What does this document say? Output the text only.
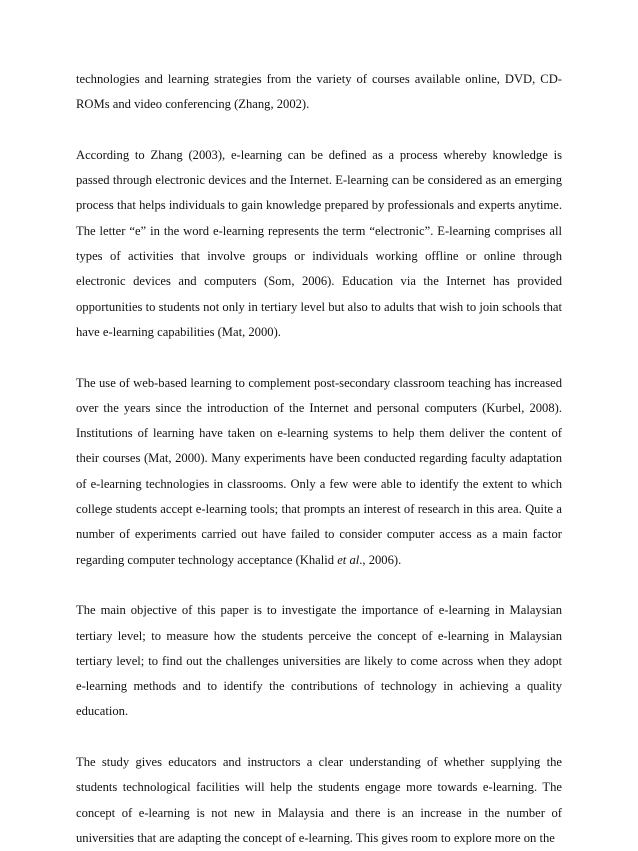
technologies and learning strategies from the variety of courses available online, DVD, CD-ROMs and video conferencing (Zhang, 2002).

According to Zhang (2003), e-learning can be defined as a process whereby knowledge is passed through electronic devices and the Internet. E-learning can be considered as an emerging process that helps individuals to gain knowledge prepared by professionals and experts anytime. The letter “e” in the word e-learning represents the term “electronic”. E-learning comprises all types of activities that involve groups or individuals working offline or online through electronic devices and computers (Som, 2006). Education via the Internet has provided opportunities to students not only in tertiary level but also to adults that wish to join schools that have e-learning capabilities (Mat, 2000).

The use of web-based learning to complement post-secondary classroom teaching has increased over the years since the introduction of the Internet and personal computers (Kurbel, 2008). Institutions of learning have taken on e-learning systems to help them deliver the content of their courses (Mat, 2000). Many experiments have been conducted regarding faculty adaptation of e-learning technologies in classrooms. Only a few were able to identify the extent to which college students accept e-learning tools; that prompts an interest of research in this area. Quite a number of experiments carried out have failed to consider computer access as a main factor regarding computer technology acceptance (Khalid et al., 2006).

The main objective of this paper is to investigate the importance of e-learning in Malaysian tertiary level; to measure how the students perceive the concept of e-learning in Malaysian tertiary level; to find out the challenges universities are likely to come across when they adopt e-learning methods and to identify the contributions of technology in achieving a quality education.

The study gives educators and instructors a clear understanding of whether supplying the students technological facilities will help the students engage more towards e-learning. The concept of e-learning is not new in Malaysia and there is an increase in the number of universities that are adapting the concept of e-learning. This gives room to explore more on the
